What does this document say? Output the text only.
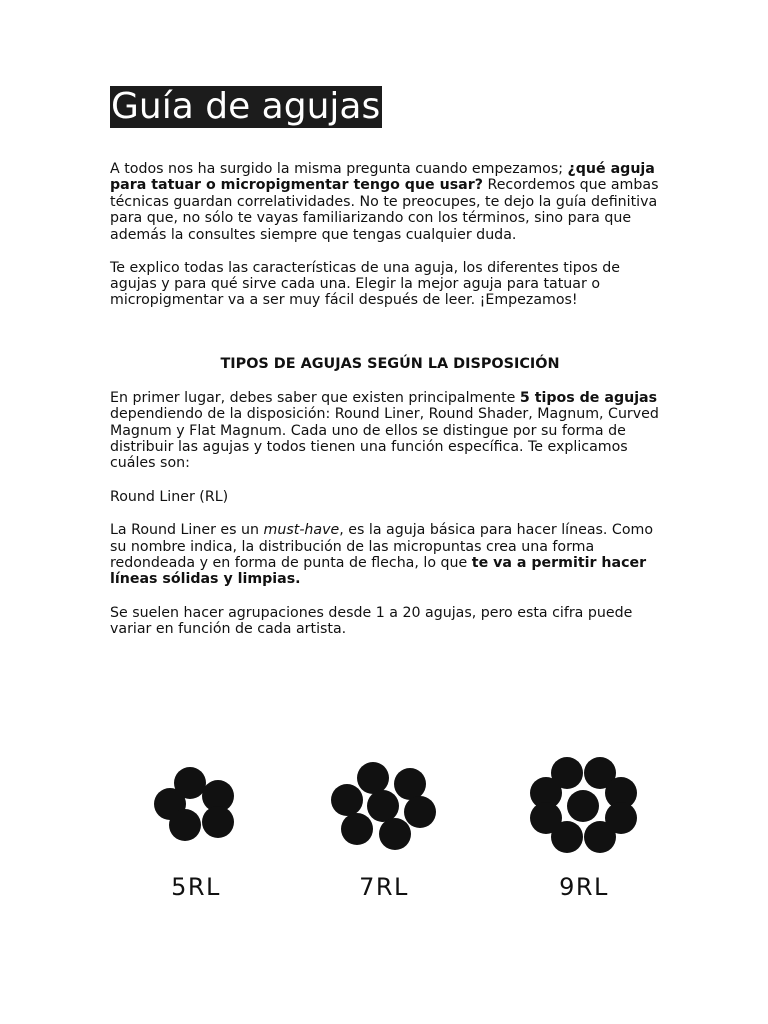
Guía de agujas

A todos nos ha surgido la misma pregunta cuando empezamos; ¿qué aguja para tatuar o micropigmentar tengo que usar? Recordemos que ambas técnicas guardan correlatividades. No te preocupes, te dejo la guía definitiva para que, no sólo te vayas familiarizando con los términos, sino para que además la consultes siempre que tengas cualquier duda.

Te explico todas las características de una aguja, los diferentes tipos de agujas y para qué sirve cada una. Elegir la mejor aguja para tatuar o micropigmentar va a ser muy fácil después de leer. ¡Empezamos!

TIPOS DE AGUJAS SEGÚN LA DISPOSICIÓN

En primer lugar, debes saber que existen principalmente 5 tipos de agujas dependiendo de la disposición: Round Liner, Round Shader, Magnum, Curved Magnum y Flat Magnum. Cada uno de ellos se distingue por su forma de distribuir las agujas y todos tienen una función específica. Te explicamos cuáles son:

Round Liner (RL)

La Round Liner es un must-have, es la aguja básica para hacer líneas. Como su nombre indica, la distribución de las micropuntas crea una forma redondeada y en forma de punta de flecha, lo que te va a permitir hacer líneas sólidas y limpias.

Se suelen hacer agrupaciones desde 1 a 20 agujas, pero esta cifra puede variar en función de cada artista.

5RL	7RL	9RL
